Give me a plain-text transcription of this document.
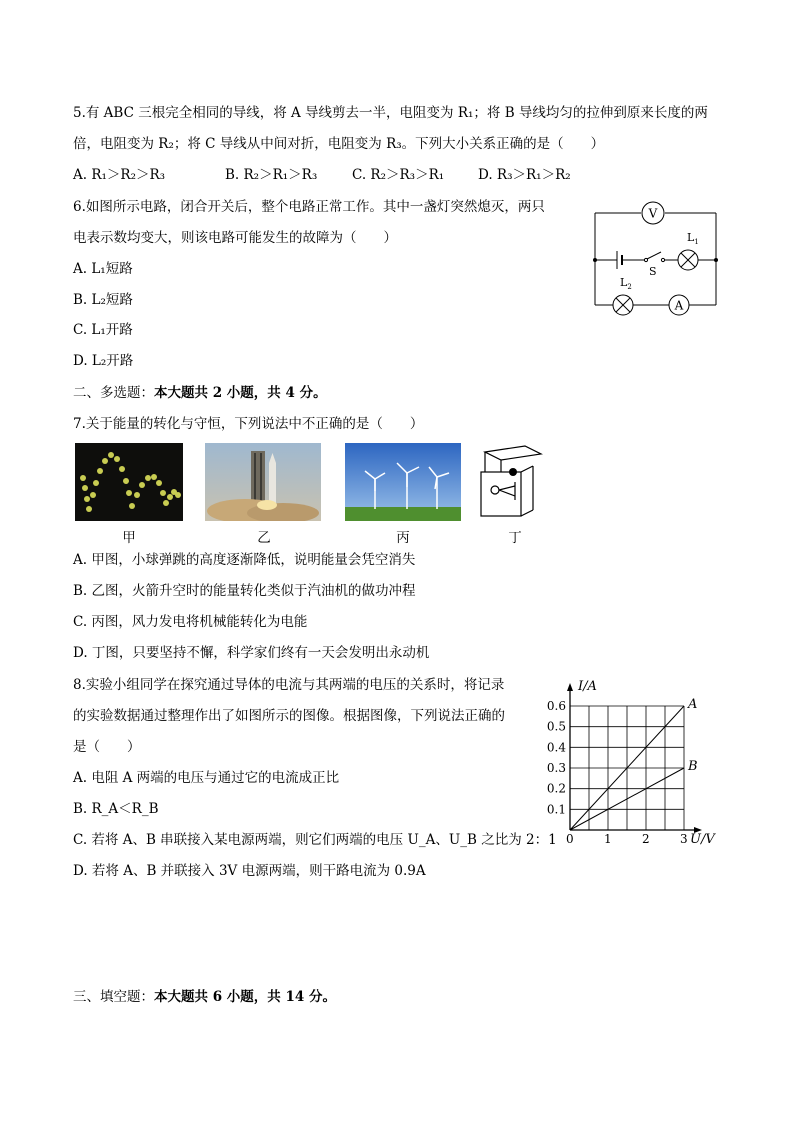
5.有 ABC 三根完全相同的导线，将 A 导线剪去一半，电阻变为 R₁；将 B 导线均匀的拉伸到原来长度的两
倍，电阻变为 R₂；将 C 导线从中间对折，电阻变为 R₃。下列大小关系正确的是（　　）
A. R₁＞R₂＞R₃	B. R₂＞R₁＞R₃	C. R₂＞R₃＞R₁	D. R₃＞R₁＞R₂
6.如图所示电路，闭合开关后，整个电路正常工作。其中一盏灯突然熄灭，两只
电表示数均变大，则该电路可能发生的故障为（　　）
A. L₁短路
B. L₂短路
C. L₁开路
D. L₂开路
V
S
$L_1$
$L_2$
A
二、多选题：本大题共 2 小题，共 4 分。
7.关于能量的转化与守恒，下列说法中不正确的是（　　）
甲	乙	丙	丁
A. 甲图，小球弹跳的高度逐渐降低，说明能量会凭空消失
B. 乙图，火箭升空时的能量转化类似于汽油机的做功冲程
C. 丙图，风力发电将机械能转化为电能
D. 丁图，只要坚持不懈，科学家们终有一天会发明出永动机
8.实验小组同学在探究通过导体的电流与其两端的电压的关系时，将记录
的实验数据通过整理作出了如图所示的图像。根据图像，下列说法正确的
是（　　）
A. 电阻 A 两端的电压与通过它的电流成正比
B. R_A＜R_B
C. 若将 A、B 串联接入某电源两端，则它们两端的电压 U_A、U_B 之比为 2：1
D. 若将 A、B 并联接入 3V 电源两端，则干路电流为 0.9A
A
B
0	1	2	3
0.1
0.2
0.3
0.4
0.5
0.6
I/A
U/V
三、填空题：本大题共 6 小题，共 14 分。
